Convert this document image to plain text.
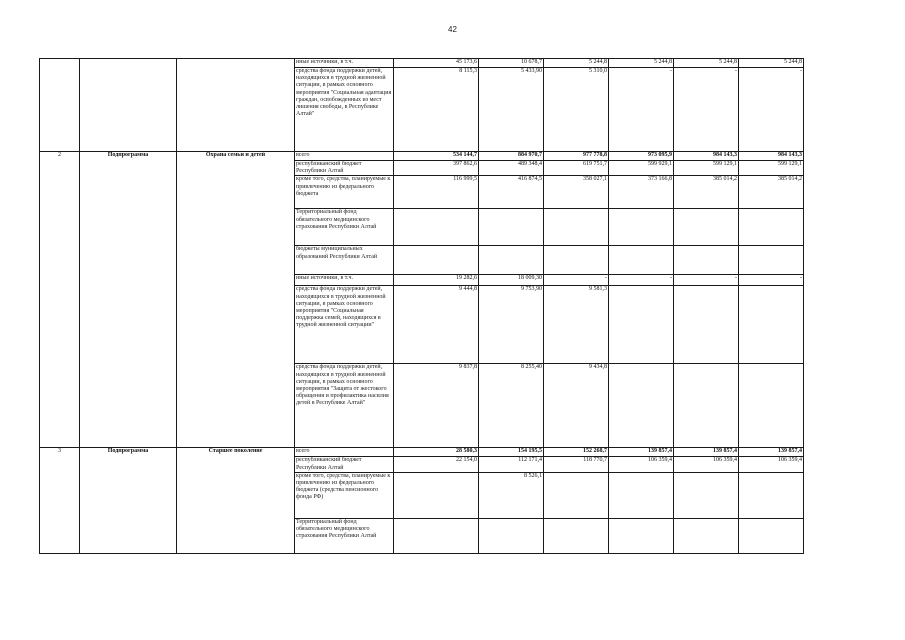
42
			иные источники, в т.ч.	45 173,6	10 678,7	5 244,8	5 244,8	5 244,8	5 244,8
			средства фонда поддержки детей, находящихся в трудной жизненной ситуации, в рамках основного мероприятия "Социальная адаптация граждан, освобожденных из мест лишения свободы, в Республике Алтай"	8 115,3	5 433,90	5 310,0	-	-	-
2	Подпрограмма	Охрана семьи и детей	всего	534 144,7	884 970,7	977 778,8	973 095,9	984 143,3	984 143,3
			республиканский бюджет Республики Алтай	397 862,6	489 348,4	619 751,7	599 929,1	599 129,1	599 129,1
			кроме того, средства, планируемые к привлечению из федерального бюджета	116 999,5	416 874,5	358 027,1	373 166,8	385 014,2	385 014,2
			Территориальный фонд обязательного медицинского страхования Республики Алтай						
			бюджеты муниципальных образований Республики Алтай						
			иные источники, в т.ч.	19 282,6	18 009,30	-	-	-	-
			средства фонда поддержки детей, находящихся в трудной жизненной ситуации, в рамках основного мероприятия "Социальная поддержка семей, находящихся в трудной жизненной ситуации"	9 444,8	9 753,90	9 581,3			
			средства фонда поддержки детей, находящихся в трудной жизненной ситуации, в рамках основного мероприятия "Защита от жестокого обращения и профилактика насилия детей в Республике Алтай"	9 837,8	8 255,40	9 434,8			
3	Подпрограмма	Старшее поколение	всего	28 580,3	154 195,5	152 268,7	139 857,4	139 857,4	139 857,4
			республиканский бюджет Республики Алтай	22 154,0	112 171,4	118 770,7	106 359,4	106 359,4	106 359,4
			кроме того, средства, планируемые к привлечению из федерального бюджета (средства пенсионного фонда РФ)		8 526,1				
			Территориальный фонд обязательного медицинского страхования Республики Алтай						
